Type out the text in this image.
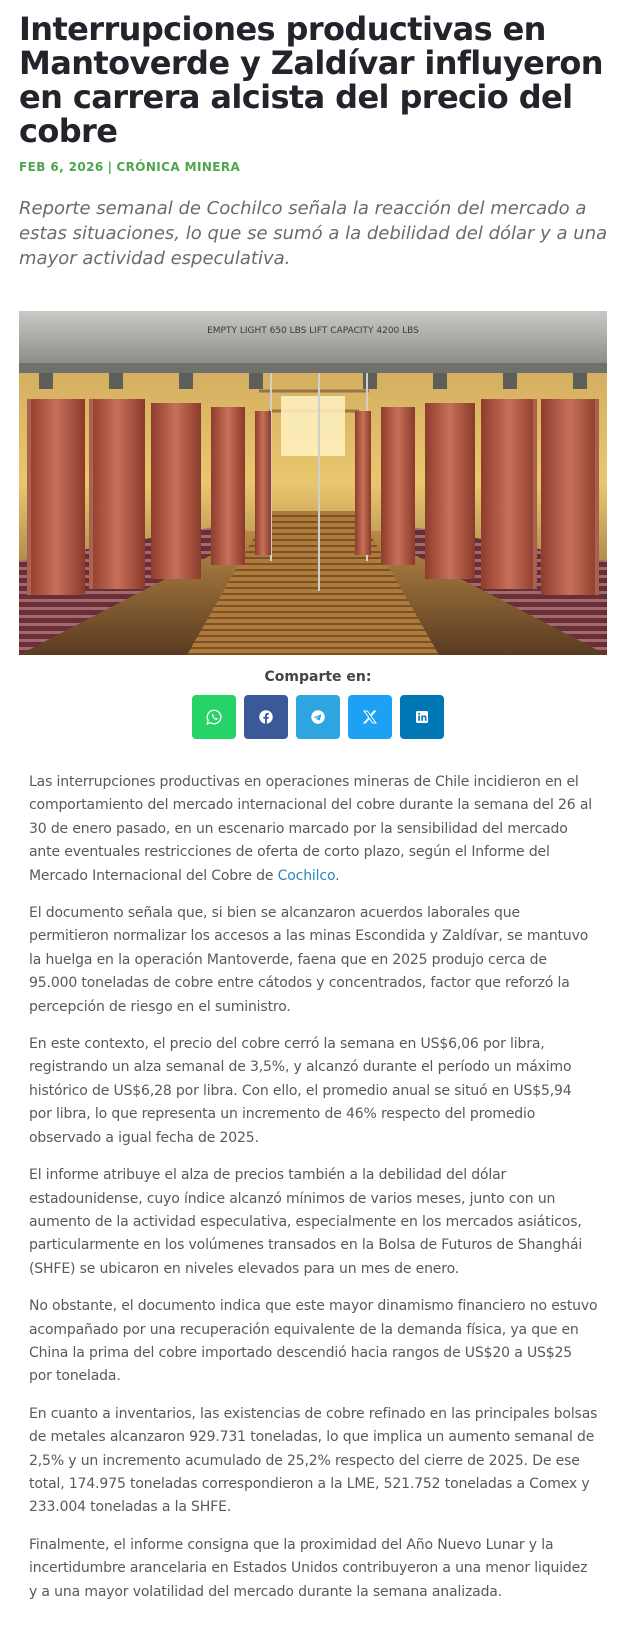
Interrupciones productivas en Mantoverde y Zaldívar influyeron en carrera alcista del precio del cobre
FEB 6, 2026 | CRÓNICA MINERA

Reporte semanal de Cochilco señala la reacción del mercado a estas situaciones, lo que se sumó a la debilidad del dólar y a una mayor actividad especulativa.

EMPTY LIGHT 650 LBS LIFT CAPACITY 4200 LBS
Comparte en:

Las interrupciones productivas en operaciones mineras de Chile incidieron en el comportamiento del mercado internacional del cobre durante la semana del 26 al 30 de enero pasado, en un escenario marcado por la sensibilidad del mercado ante eventuales restricciones de oferta de corto plazo, según el Informe del Mercado Internacional del Cobre de Cochilco.

El documento señala que, si bien se alcanzaron acuerdos laborales que permitieron normalizar los accesos a las minas Escondida y Zaldívar, se mantuvo la huelga en la operación Mantoverde, faena que en 2025 produjo cerca de 95.000 toneladas de cobre entre cátodos y concentrados, factor que reforzó la percepción de riesgo en el suministro.

En este contexto, el precio del cobre cerró la semana en US$6,06 por libra, registrando un alza semanal de 3,5%, y alcanzó durante el período un máximo histórico de US$6,28 por libra. Con ello, el promedio anual se situó en US$5,94 por libra, lo que representa un incremento de 46% respecto del promedio observado a igual fecha de 2025.

El informe atribuye el alza de precios también a la debilidad del dólar estadounidense, cuyo índice alcanzó mínimos de varios meses, junto con un aumento de la actividad especulativa, especialmente en los mercados asiáticos, particularmente en los volúmenes transados en la Bolsa de Futuros de Shanghái (SHFE) se ubicaron en niveles elevados para un mes de enero.

No obstante, el documento indica que este mayor dinamismo financiero no estuvo acompañado por una recuperación equivalente de la demanda física, ya que en China la prima del cobre importado descendió hacia rangos de US$20 a US$25 por tonelada.

En cuanto a inventarios, las existencias de cobre refinado en las principales bolsas de metales alcanzaron 929.731 toneladas, lo que implica un aumento semanal de 2,5% y un incremento acumulado de 25,2% respecto del cierre de 2025. De ese total, 174.975 toneladas correspondieron a la LME, 521.752 toneladas a Comex y 233.004 toneladas a la SHFE.

Finalmente, el informe consigna que la proximidad del Año Nuevo Lunar y la incertidumbre arancelaria en Estados Unidos contribuyeron a una menor liquidez y a una mayor volatilidad del mercado durante la semana analizada.
